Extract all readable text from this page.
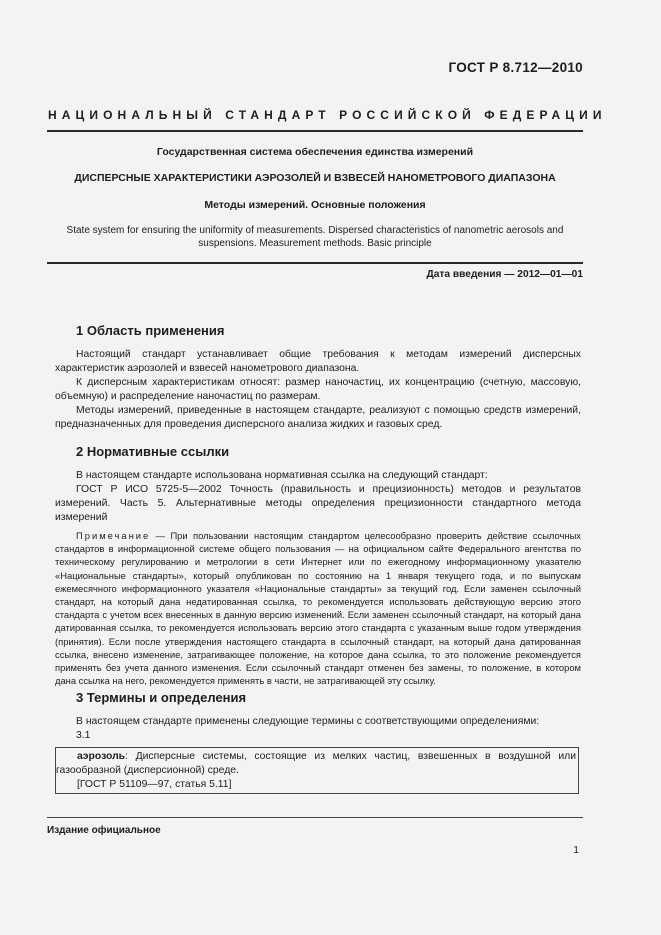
ГОСТ Р 8.712—2010
НАЦИОНАЛЬНЫЙ СТАНДАРТ РОССИЙСКОЙ ФЕДЕРАЦИИ
Государственная система обеспечения единства измерений
ДИСПЕРСНЫЕ ХАРАКТЕРИСТИКИ АЭРОЗОЛЕЙ И ВЗВЕСЕЙ НАНОМЕТРОВОГО ДИАПАЗОНА
Методы измерений. Основные положения
State system for ensuring the uniformity of measurements. Dispersed characteristics of nanometric aerosols and suspensions. Measurement methods. Basic principle
Дата введения — 2012—01—01
1 Область применения

Настоящий стандарт устанавливает общие требования к методам измерений дисперсных характеристик аэрозолей и взвесей нанометрового диапазона.

К дисперсным характеристикам относят: размер наночастиц, их концентрацию (счетную, массовую, объемную) и распределение наночастиц по размерам.

Методы измерений, приведенные в настоящем стандарте, реализуют с помощью средств измерений, предназначенных для проведения дисперсного анализа жидких и газовых сред.

2 Нормативные ссылки

В настоящем стандарте использована нормативная ссылка на следующий стандарт:

ГОСТ Р ИСО 5725-5—2002 Точность (правильность и прецизионность) методов и результатов измерений. Часть 5. Альтернативные методы определения прецизионности стандартного метода измерений

Примечание — При пользовании настоящим стандартом целесообразно проверить действие ссылочных стандартов в информационной системе общего пользования — на официальном сайте Федерального агентства по техническому регулированию и метрологии в сети Интернет или по ежегодному информационному указателю «Национальные стандарты», который опубликован по состоянию на 1 января текущего года, и по выпускам ежемесячного информационного указателя «Национальные стандарты» за текущий год. Если заменен ссылочный стандарт, на который дана недатированная ссылка, то рекомендуется использовать действующую версию этого стандарта с учетом всех внесенных в данную версию изменений. Если заменен ссылочный стандарт, на который дана датированная ссылка, то рекомендуется использовать версию этого стандарта с указанным выше годом утверждения (принятия). Если после утверждения настоящего стандарта в ссылочный стандарт, на который дана датированная ссылка, внесено изменение, затрагивающее положение, на которое дана ссылка, то это положение рекомендуется применять без учета данного изменения. Если ссылочный стандарт отменен без замены, то положение, в котором дана ссылка на него, рекомендуется применять в части, не затрагивающей эту ссылку.

3 Термины и определения

В настоящем стандарте применены следующие термины с соответствующими определениями:

3.1

аэрозоль: Дисперсные системы, состоящие из мелких частиц, взвешенных в воздушной или газообразной (дисперсионной) среде.

[ГОСТ Р 51109—97, статья 5.11]

Издание официальное
1
